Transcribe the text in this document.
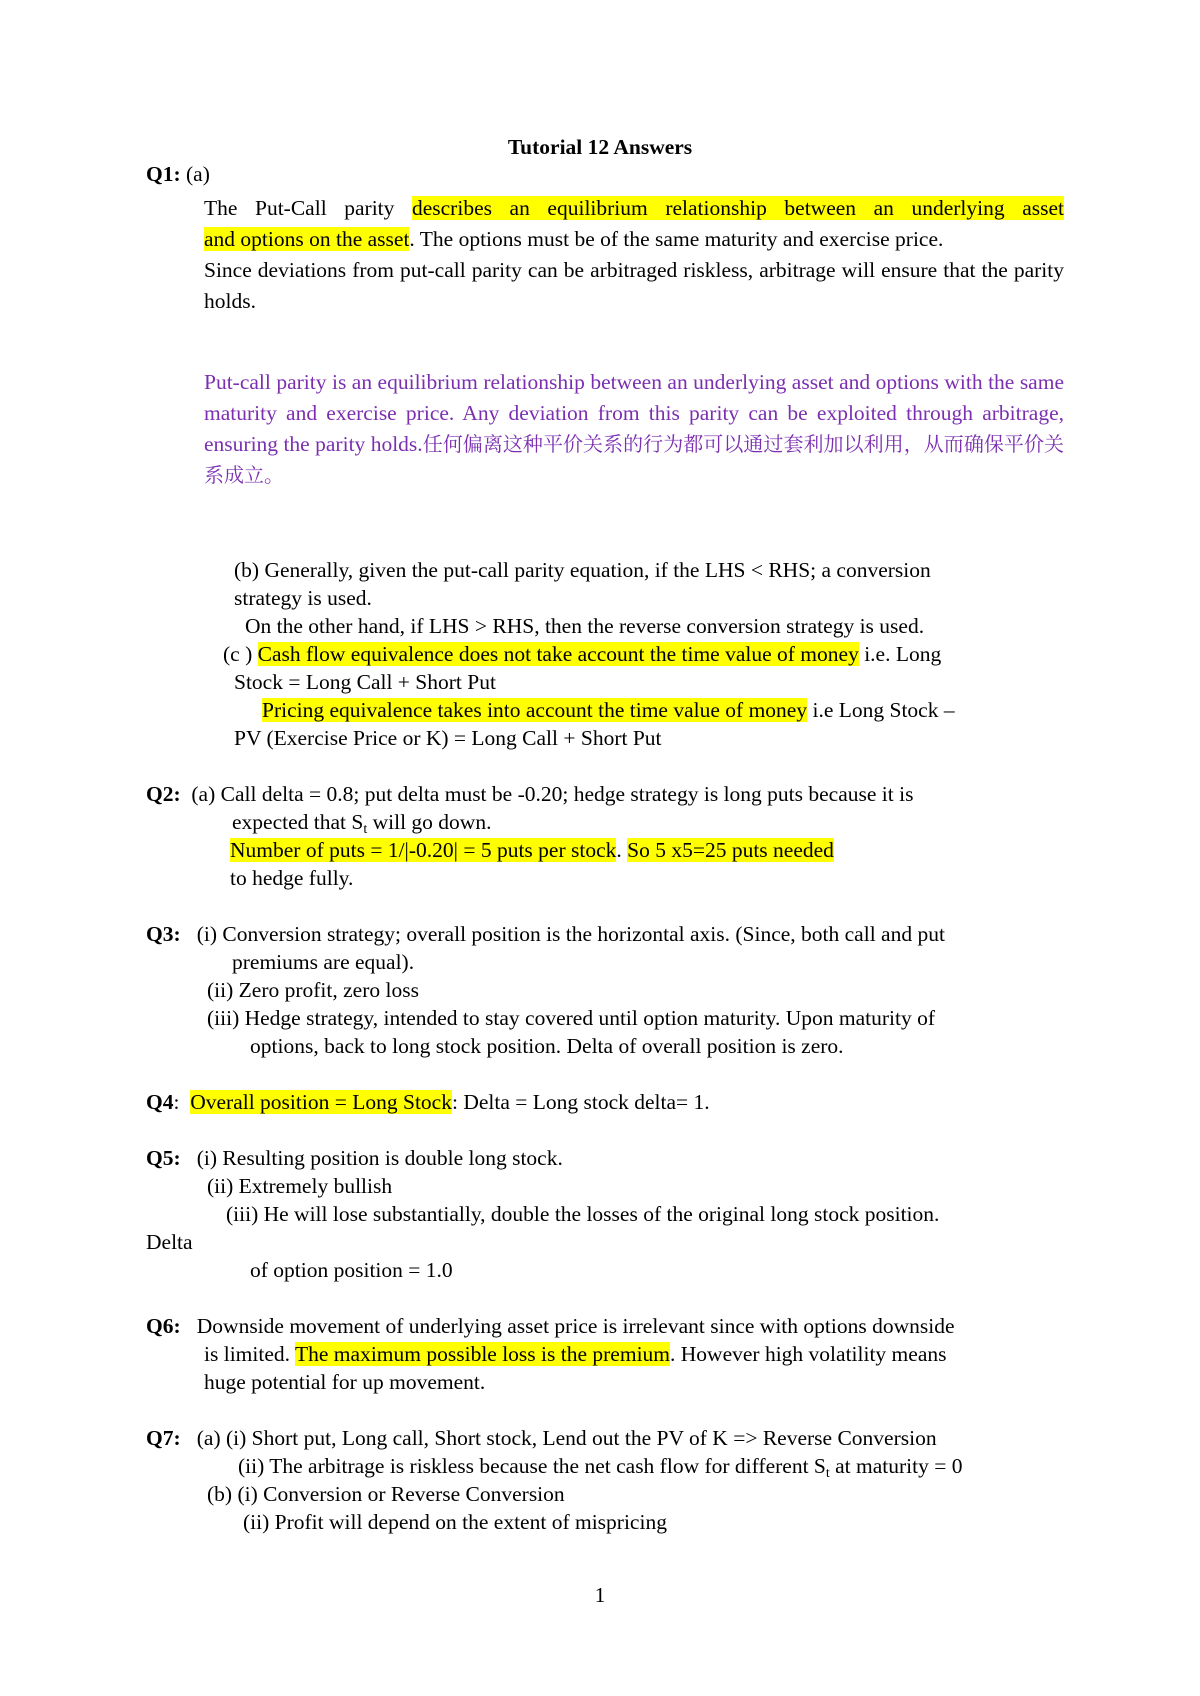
Tutorial 12 Answers
Q1: (a)
The Put-Call parity describes an equilibrium relationship between an underlying asset
and options on the asset. The options must be of the same maturity and exercise price.
Since deviations from put-call parity can be arbitraged riskless, arbitrage will ensure that the parity holds.
Put-call parity is an equilibrium relationship between an underlying asset and options with the same maturity and exercise price. Any deviation from this parity can be exploited through arbitrage, ensuring the parity holds.任何偏离这种平价关系的行为都可以通过套利加以利用，从而确保平价关系成立。
(b) Generally, given the put-call parity equation, if the LHS < RHS; a conversion
strategy is used.
On the other hand, if LHS > RHS, then the reverse conversion strategy is used.
(c ) Cash flow equivalence does not take account the time value of money i.e. Long
Stock = Long Call + Short Put
Pricing equivalence takes into account the time value of money i.e Long Stock –
PV (Exercise Price or K) = Long Call + Short Put
Q2: (a) Call delta = 0.8; put delta must be -0.20; hedge strategy is long puts because it is
expected that $S_t$ will go down.
Number of puts = 1/|-0.20| = 5 puts per stock. So 5 x5=25 puts needed
to hedge fully.
Q3: (i) Conversion strategy; overall position is the horizontal axis. (Since, both call and put
premiums are equal).
(ii) Zero profit, zero loss
(iii) Hedge strategy, intended to stay covered until option maturity. Upon maturity of
options, back to long stock position. Delta of overall position is zero.
Q4:  Overall position = Long Stock: Delta = Long stock delta= 1.
Q5: (i) Resulting position is double long stock.
(ii) Extremely bullish
(iii) He will lose substantially, double the losses of the original long stock position.
Delta
of option position = 1.0
Q6: Downside movement of underlying asset price is irrelevant since with options downside
is limited. The maximum possible loss is the premium. However high volatility means
huge potential for up movement.
Q7: (a) (i) Short put, Long call, Short stock, Lend out the PV of K => Reverse Conversion
(ii) The arbitrage is riskless because the net cash flow for different $S_t$ at maturity = 0
(b) (i) Conversion or Reverse Conversion
(ii) Profit will depend on the extent of mispricing
1
